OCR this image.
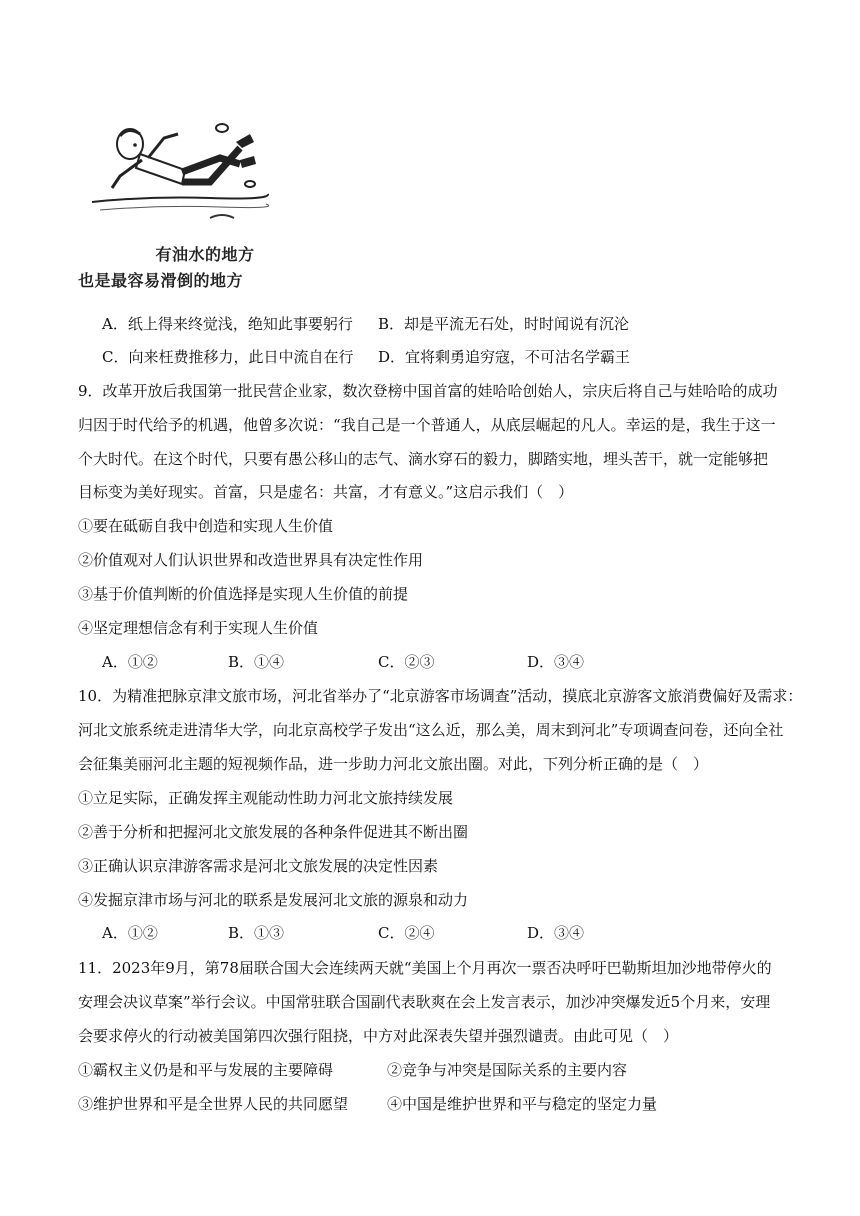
有油水的地方
也是最容易滑倒的地方
A．纸上得来终觉浅，绝知此事要躬行 B．却是平流无石处，时时闻说有沉沦
C．向来枉费推移力，此日中流自在行 D．宜将剩勇追穷寇，不可沽名学霸王
9．改革开放后我国第一批民营企业家，数次登榜中国首富的娃哈哈创始人，宗庆后将自己与娃哈哈的成功
归因于时代给予的机遇，他曾多次说：“我自己是一个普通人，从底层崛起的凡人。幸运的是，我生于这一
个大时代。在这个时代，只要有愚公移山的志气、滴水穿石的毅力，脚踏实地，埋头苦干，就一定能够把
目标变为美好现实。首富，只是虚名：共富，才有意义。”这启示我们（　）
①要在砥砺自我中创造和实现人生价值
②价值观对人们认识世界和改造世界具有决定性作用
③基于价值判断的价值选择是实现人生价值的前提
④坚定理想信念有利于实现人生价值
A．①②	B．①④	C．②③	D．③④
10．为精准把脉京津文旅市场，河北省举办了“北京游客市场调查”活动，摸底北京游客文旅消费偏好及需求：
河北文旅系统走进清华大学，向北京高校学子发出“这么近，那么美，周末到河北”专项调查问卷，还向全社
会征集美丽河北主题的短视频作品，进一步助力河北文旅出圈。对此，下列分析正确的是（　）
①立足实际，正确发挥主观能动性助力河北文旅持续发展
②善于分析和把握河北文旅发展的各种条件促进其不断出圈
③正确认识京津游客需求是河北文旅发展的决定性因素
④发掘京津市场与河北的联系是发展河北文旅的源泉和动力
A．①②	B．①③	C．②④	D．③④
11．2023年9月，第78届联合国大会连续两天就“美国上个月再次一票否决呼吁巴勒斯坦加沙地带停火的
安理会决议草案”举行会议。中国常驻联合国副代表耿爽在会上发言表示，加沙冲突爆发近5个月来，安理
会要求停火的行动被美国第四次强行阻挠，中方对此深表失望并强烈谴责。由此可见（　）
①霸权主义仍是和平与发展的主要障碍	②竞争与冲突是国际关系的主要内容
③维护世界和平是全世界人民的共同愿望	④中国是维护世界和平与稳定的坚定力量
